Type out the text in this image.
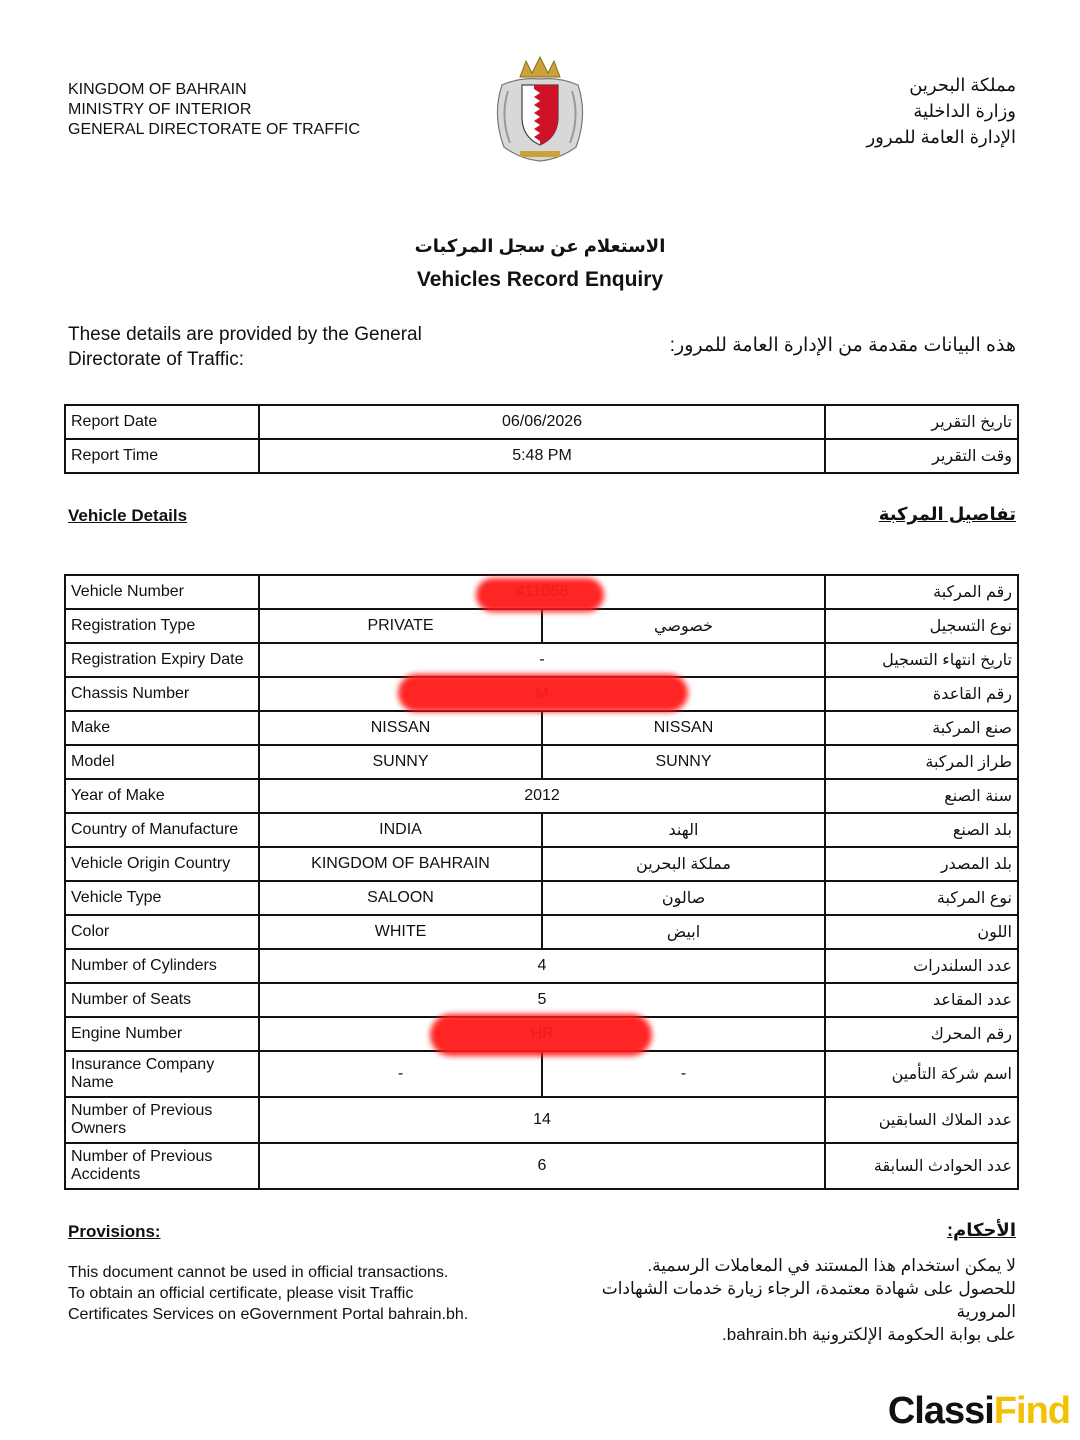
KINGDOM OF BAHRAIN
MINISTRY OF INTERIOR
GENERAL DIRECTORATE OF TRAFFIC
مملكة البحرين
وزارة الداخلية
الإدارة العامة للمرور
الاستعلام عن سجل المركبات
Vehicles Record Enquiry
These details are provided by the General Directorate of Traffic:
هذه البيانات مقدمة من الإدارة العامة للمرور:
Report Date	06/06/2026	تاريخ التقرير
Report Time	5:48 PM	وقت التقرير
Vehicle Details	تفاصيل المركبة
Vehicle Number			رقم المركبة
Registration Type	PRIVATE	خصوصي	نوع التسجيل
Registration Expiry Date	-		تاريخ انتهاء التسجيل
Chassis Number			رقم القاعدة
Make	NISSAN	NISSAN	صنع المركبة
Model	SUNNY	SUNNY	طراز المركبة
Year of Make	2012		سنة الصنع
Country of Manufacture	INDIA	الهند	بلد الصنع
Vehicle Origin Country	KINGDOM OF BAHRAIN	مملكة البحرين	بلد المصدر
Vehicle Type	SALOON	صالون	نوع المركبة
Color	WHITE	ابيض	اللون
Number of Cylinders	4		عدد السلندرات
Number of Seats	5		عدد المقاعد
Engine Number			رقم المحرك
Insurance Company Name	-	-	اسم شركة التأمين
Number of Previous Owners	14		عدد الملاك السابقين
Number of Previous Accidents	6		عدد الحوادث السابقة
Provisions:	الأحكام:
This document cannot be used in official transactions.
To obtain an official certificate, please visit Traffic
Certificates Services on eGovernment Portal bahrain.bh.
لا يمكن استخدام هذا المستند في المعاملات الرسمية.
للحصول على شهادة معتمدة، الرجاء زيارة خدمات الشهادات المرورية
على بوابة الحكومة الإلكترونية bahrain.bh.
ClassiFind
